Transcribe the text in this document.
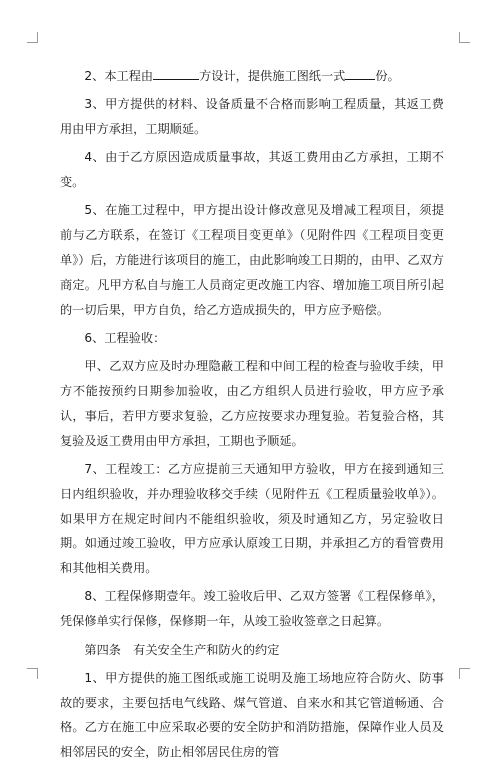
2、本工程由	方设计，提供施工图纸一式 份。

3、甲方提供的材料、设备质量不合格而影响工程质量，其返工费用由甲方承担，工期顺延。

4、由于乙方原因造成质量事故，其返工费用由乙方承担，工期不变。

5、在施工过程中，甲方提出设计修改意见及增减工程项目，须提前与乙方联系，在签订《工程项目变更单》（见附件四《工程项目变更单》）后，方能进行该项目的施工，由此影响竣工日期的，由甲、乙双方商定。凡甲方私自与施工人员商定更改施工内容、增加施工项目所引起的一切后果，甲方自负，给乙方造成损失的，甲方应予赔偿。

6、工程验收：

甲、乙双方应及时办理隐蔽工程和中间工程的检查与验收手续，甲方不能按预约日期参加验收，由乙方组织人员进行验收，甲方应予承认，事后，若甲方要求复验，乙方应按要求办理复验。若复验合格，其复验及返工费用由甲方承担，工期也予顺延。

7、工程竣工：乙方应提前三天通知甲方验收，甲方在接到通知三日内组织验收，并办理验收移交手续（见附件五《工程质量验收单》）。如果甲方在规定时间内不能组织验收，须及时通知乙方，另定验收日期。如通过竣工验收，甲方应承认原竣工日期，并承担乙方的看管费用和其他相关费用。

8、工程保修期壹年。竣工验收后甲、乙双方签署《工程保修单》，凭保修单实行保修，保修期一年，从竣工验收签章之日起算。

第四条　有关安全生产和防火的约定

1、甲方提供的施工图纸或施工说明及施工场地应符合防火、防事故的要求，主要包括电气线路、煤气管道、自来水和其它管道畅通、合格。乙方在施工中应采取必要的安全防护和消防措施，保障作业人员及相邻居民的安全，防止相邻居民住房的管
